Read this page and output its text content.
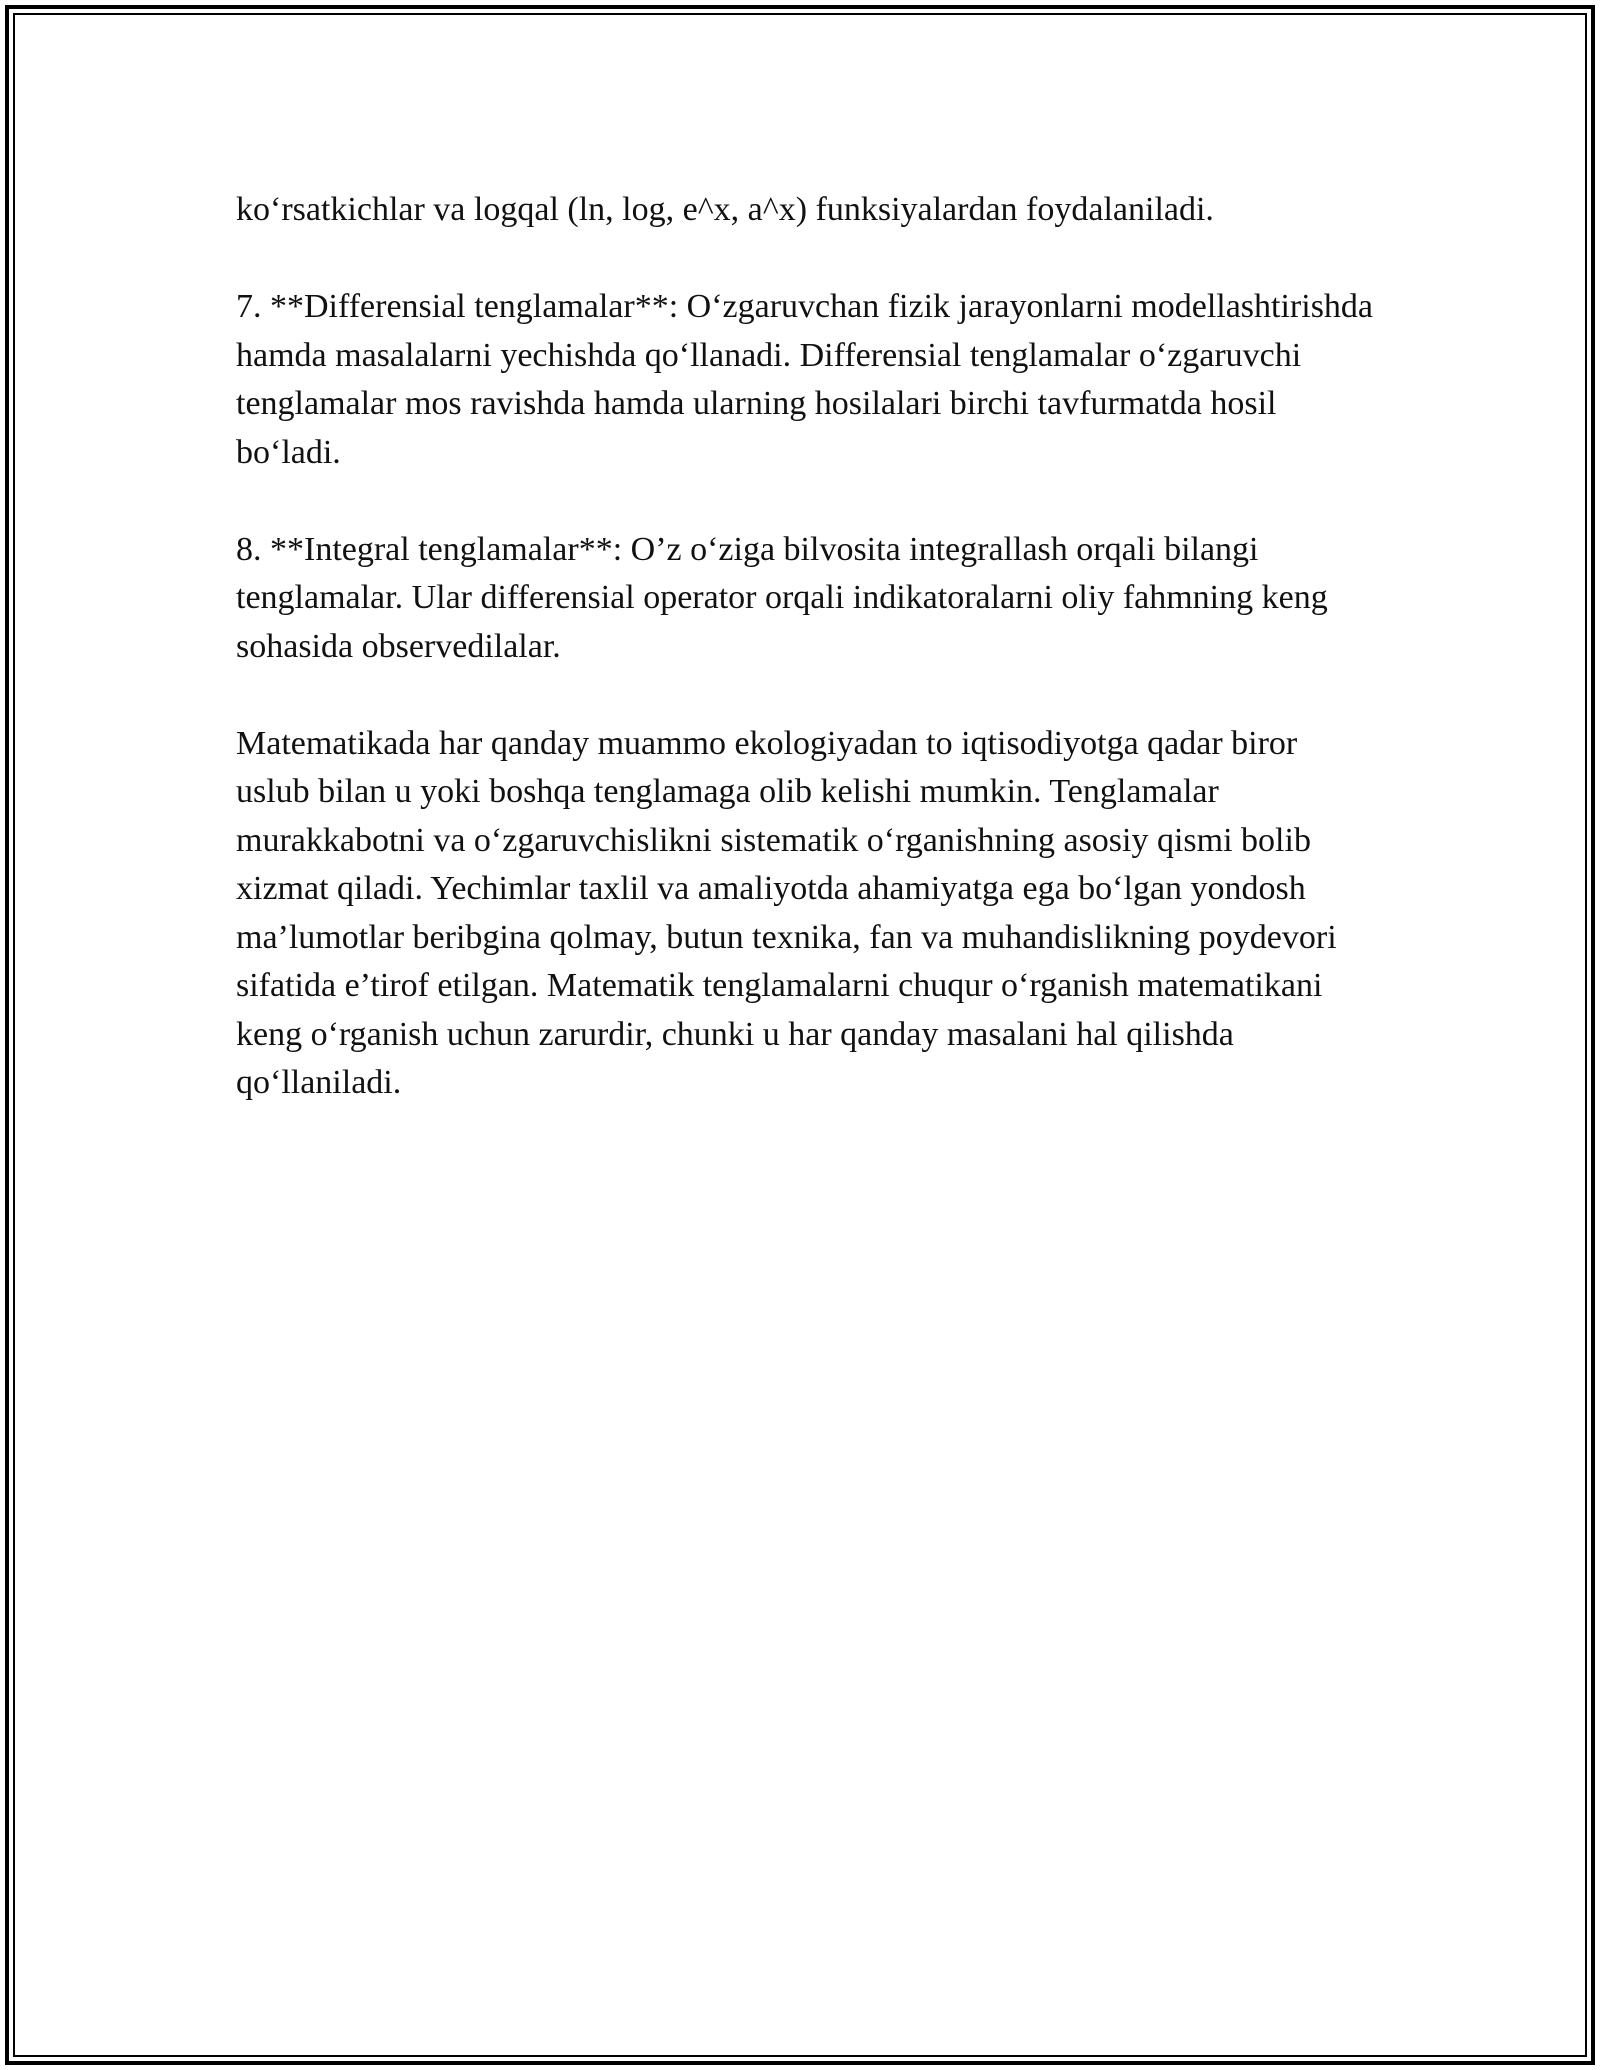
ko‘rsatkichlar va logqal (ln, log, e^x, a^x) funksiyalardan foydalaniladi.

7. **Differensial tenglamalar**: O‘zgaruvchan fizik jarayonlarni modellashtirishda hamda masalalarni yechishda qo‘llanadi. Differensial tenglamalar o‘zgaruvchi tenglamalar mos ravishda hamda ularning hosilalari birchi tavfurmatda hosil bo‘ladi.

8. **Integral tenglamalar**: O’z o‘ziga bilvosita integrallash orqali bilangi tenglamalar. Ular differensial operator orqali indikatoralarni oliy fahmning keng sohasida observedilalar.

Matematikada har qanday muammo ekologiyadan to iqtisodiyotga qadar biror uslub bilan u yoki boshqa tenglamaga olib kelishi mumkin. Tenglamalar murakkabotni va o‘zgaruvchislikni sistematik o‘rganishning asosiy qismi bolib xizmat qiladi. Yechimlar taxlil va amaliyotda ahamiyatga ega bo‘lgan yondosh ma’lumotlar beribgina qolmay, butun texnika, fan va muhandislikning poydevori sifatida e’tirof etilgan. Matematik tenglamalarni chuqur o‘rganish matematikani keng o‘rganish uchun zarurdir, chunki u har qanday masalani hal qilishda qo‘llaniladi.
